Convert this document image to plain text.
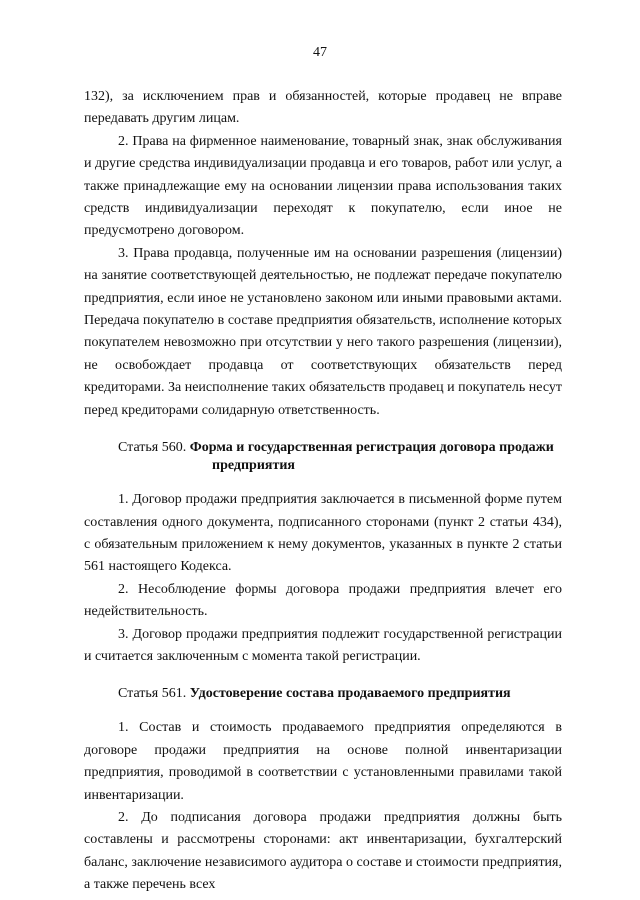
47

132), за исключением прав и обязанностей, которые продавец не вправе передавать другим лицам.

2. Права на фирменное наименование, товарный знак, знак обслуживания и другие средства индивидуализации продавца и его товаров, работ или услуг, а также принадлежащие ему на основании лицензии права использования таких средств индивидуализации переходят к покупателю, если иное не предусмотрено договором.

3. Права продавца, полученные им на основании разрешения (лицензии) на занятие соответствующей деятельностью, не подлежат передаче покупателю предприятия, если иное не установлено законом или иными правовыми актами. Передача покупателю в составе предприятия обязательств, исполнение которых покупателем невозможно при отсутствии у него такого разрешения (лицензии), не освобождает продавца от соответствующих обязательств перед кредиторами. За неисполнение таких обязательств продавец и покупатель несут перед кредиторами солидарную ответственность.

Статья 560. Форма и государственная регистрация договора продажи
предприятия

1. Договор продажи предприятия заключается в письменной форме путем составления одного документа, подписанного сторонами (пункт 2 статьи 434), с обязательным приложением к нему документов, указанных в пункте 2 статьи 561 настоящего Кодекса.

2. Несоблюдение формы договора продажи предприятия влечет его недействительность.

3. Договор продажи предприятия подлежит государственной регистрации и считается заключенным с момента такой регистрации.

Статья 561. Удостоверение состава продаваемого предприятия

1. Состав и стоимость продаваемого предприятия определяются в договоре продажи предприятия на основе полной инвентаризации предприятия, проводимой в соответствии с установленными правилами такой инвентаризации.

2. До подписания договора продажи предприятия должны быть составлены и рассмотрены сторонами: акт инвентаризации, бухгалтерский баланс, заключение независимого аудитора о составе и стоимости предприятия, а также перечень всех
